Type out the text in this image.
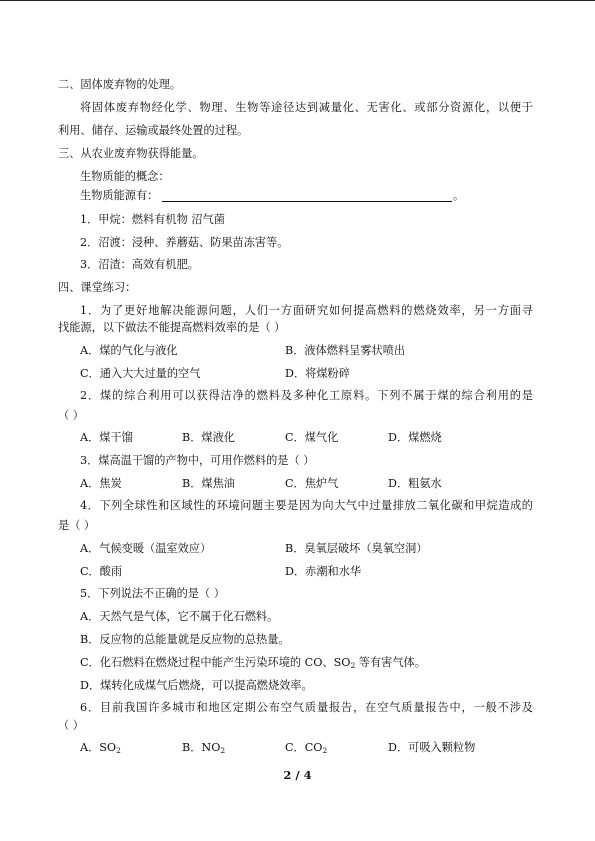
二、固体废弃物的处理。
将固体废弃物经化学、物理、生物等途径达到减量化、无害化、或部分资源化，以便于
利用、储存、运输或最终处置的过程。
三、从农业废弃物获得能量。
生物质能的概念：
生物质能源有：	。
1．甲烷：燃料有机物 沼气菌
2．沼渡：浸种、养蘑菇、防果苗冻害等。
3．沼渣：高效有机肥。
四、课堂练习：
1．为了更好地解决能源问题，人们一方面研究如何提高燃料的燃烧效率，另一方面寻
找能源，以下做法不能提高燃料效率的是（ ）
A．煤的气化与液化	B．液体燃料呈雾状喷出
C．通入大大过量的空气	D．将煤粉碎
2．煤的综合利用可以获得洁净的燃料及多种化工原料。下列不属于煤的综合利用的是
（ ）
A．煤干馏	B．煤液化	C．煤气化	D．煤燃烧
3．煤高温干馏的产物中，可用作燃料的是（ ）
A．焦炭	B．煤焦油	C．焦炉气	D．粗氨水
4．下列全球性和区域性的环境问题主要是因为向大气中过量排放二氧化碳和甲烷造成的
是（ ）
A．气候变暖（温室效应）	B．臭氧层破坏（臭氧空洞）
C．酸雨	D．赤潮和水华
5．下列说法不正确的是（ ）
A．天然气是气体，它不属于化石燃料。
B．反应物的总能量就是反应物的总热量。
C．化石燃料在燃烧过程中能产生污染环境的 CO、$SO_2$ 等有害气体。
D．煤转化成煤气后燃烧，可以提高燃烧效率。
6．目前我国许多城市和地区定期公布空气质量报告，在空气质量报告中，一般不涉及
（ ）
A．$SO_2$	B．$NO_2$	C．$CO_2$	D．可吸入颗粒物
2 / 4
